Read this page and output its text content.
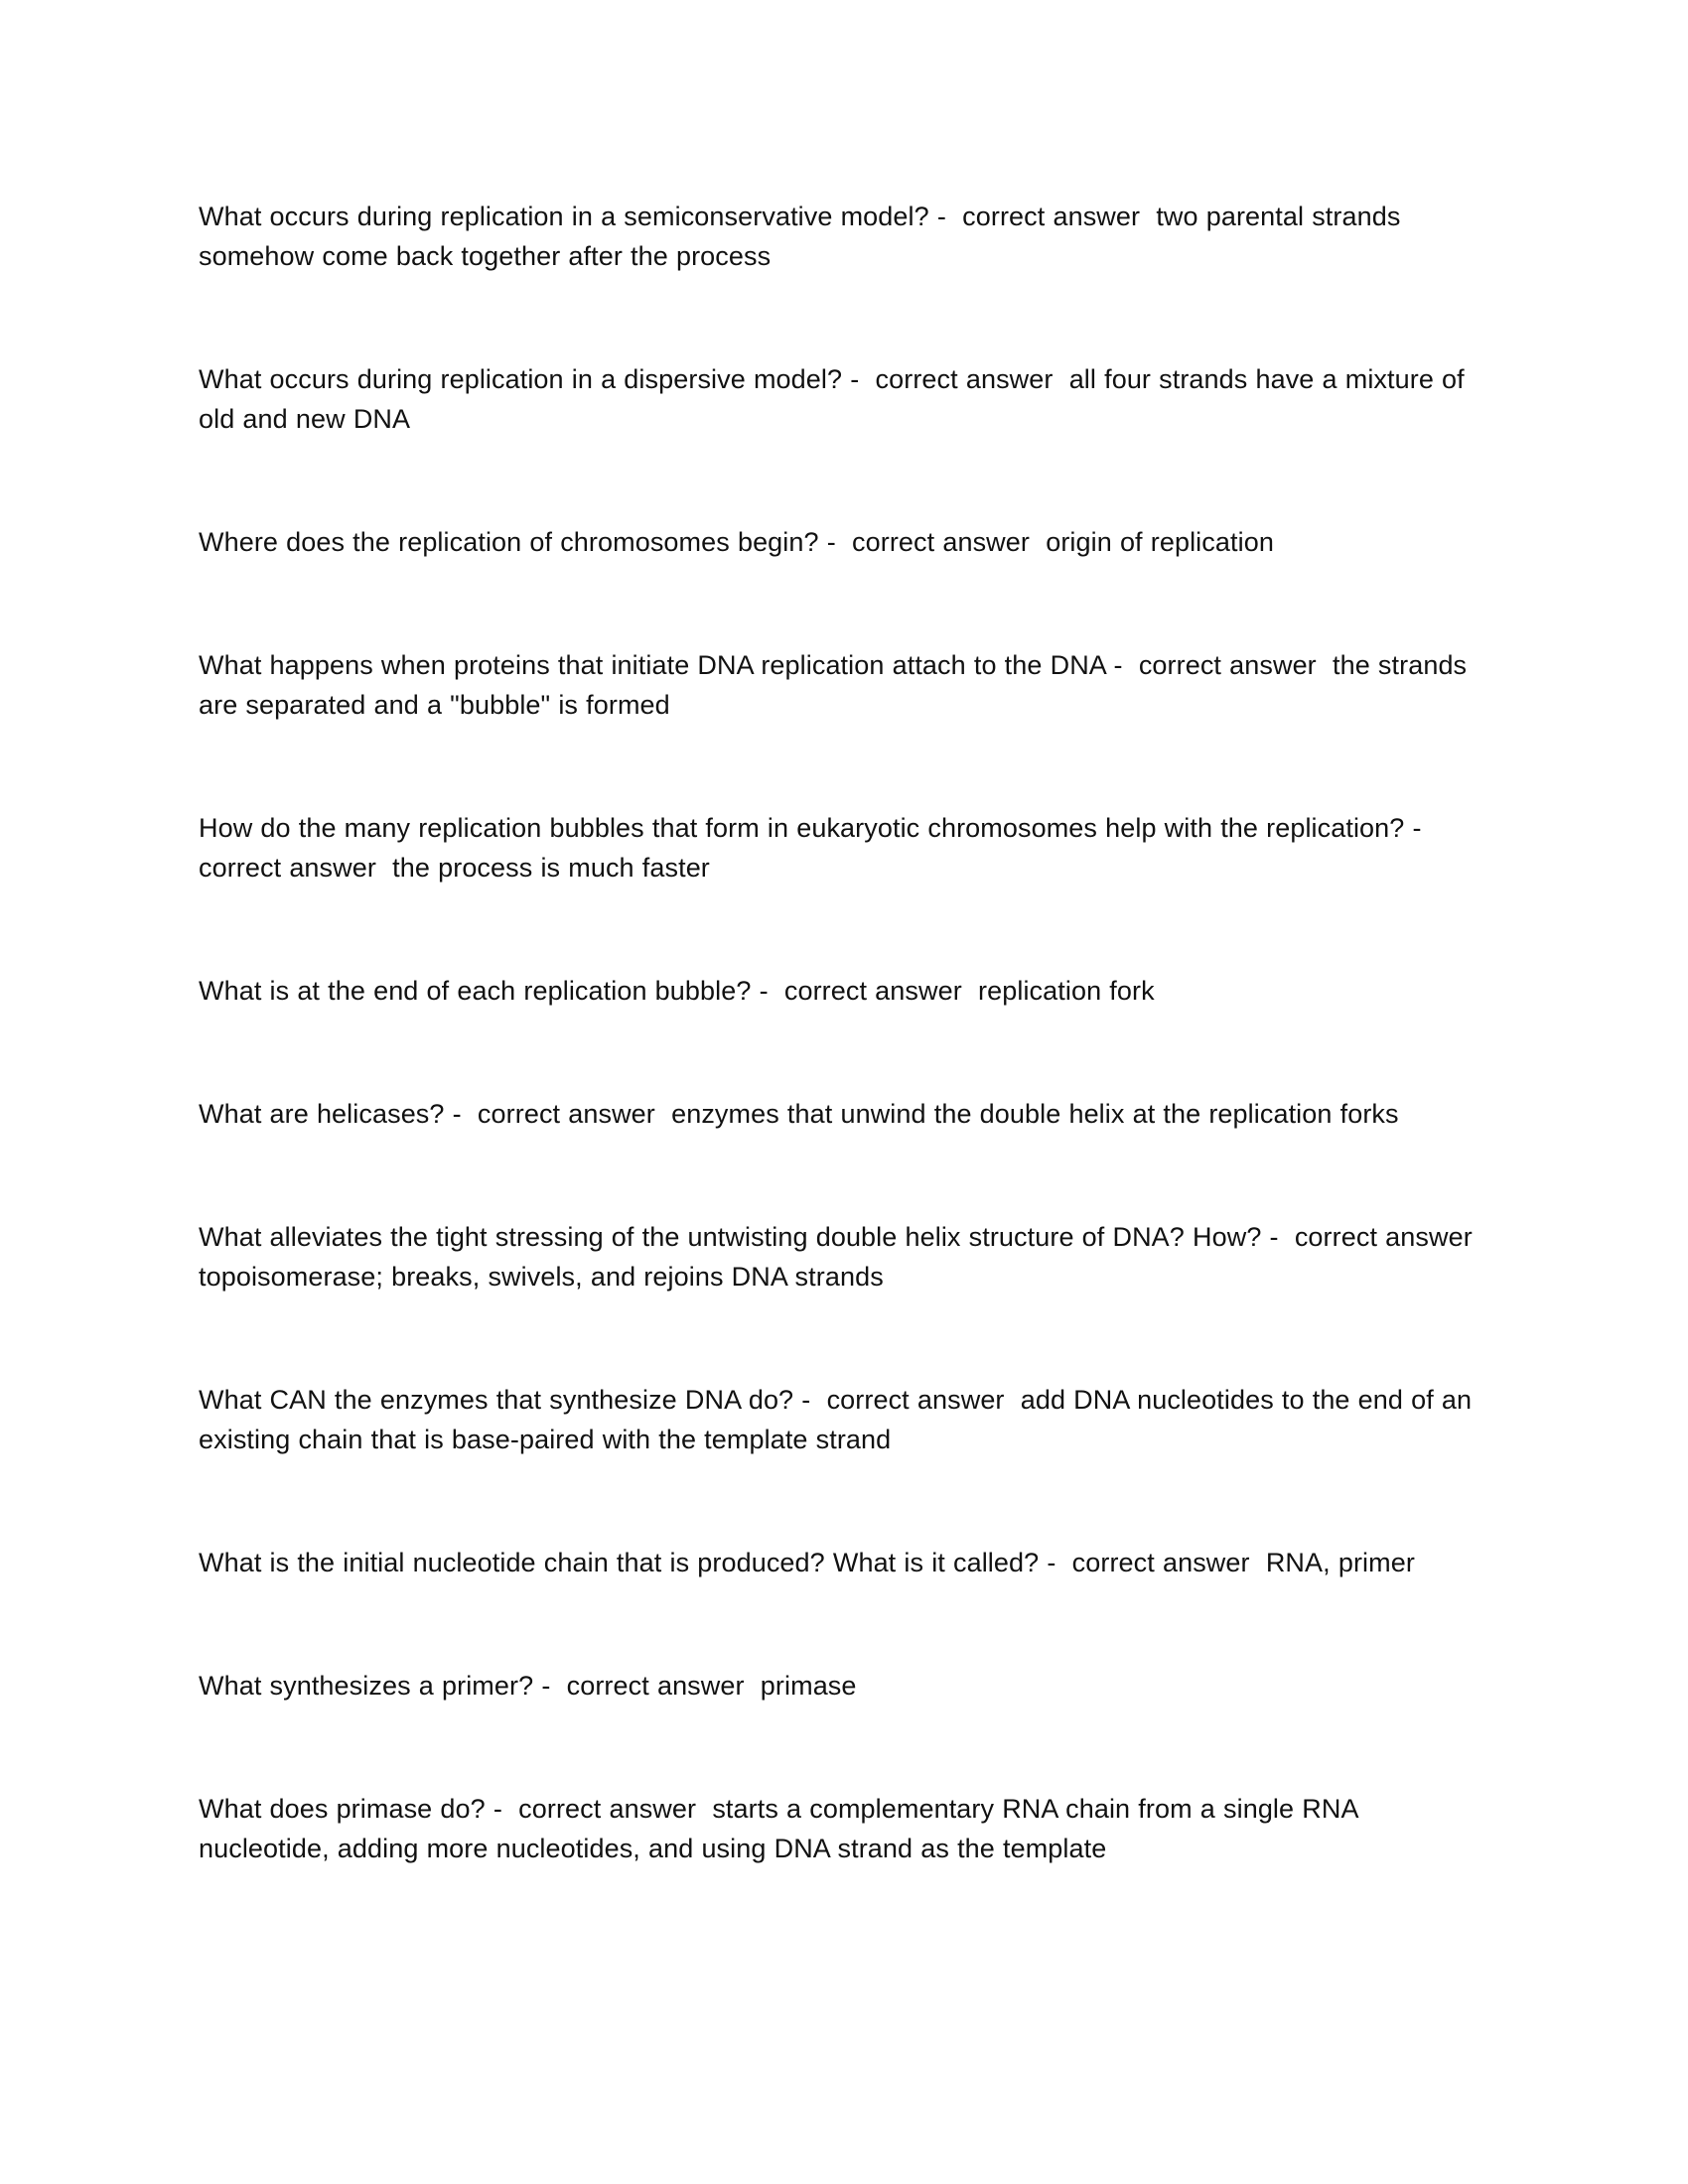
What occurs during replication in a semiconservative model? -  correct answer  two parental strands somehow come back together after the process

What occurs during replication in a dispersive model? -  correct answer  all four strands have a mixture of old and new DNA

Where does the replication of chromosomes begin? -  correct answer  origin of replication

What happens when proteins that initiate DNA replication attach to the DNA -  correct answer  the strands are separated and a "bubble" is formed

How do the many replication bubbles that form in eukaryotic chromosomes help with the replication? -  correct answer  the process is much faster

What is at the end of each replication bubble? -  correct answer  replication fork

What are helicases? -  correct answer  enzymes that unwind the double helix at the replication forks

What alleviates the tight stressing of the untwisting double helix structure of DNA? How? -  correct answer  topoisomerase; breaks, swivels, and rejoins DNA strands

What CAN the enzymes that synthesize DNA do? -  correct answer  add DNA nucleotides to the end of an existing chain that is base-paired with the template strand

What is the initial nucleotide chain that is produced? What is it called? -  correct answer  RNA, primer

What synthesizes a primer? -  correct answer  primase

What does primase do? -  correct answer  starts a complementary RNA chain from a single RNA nucleotide, adding more nucleotides, and using DNA strand as the template
